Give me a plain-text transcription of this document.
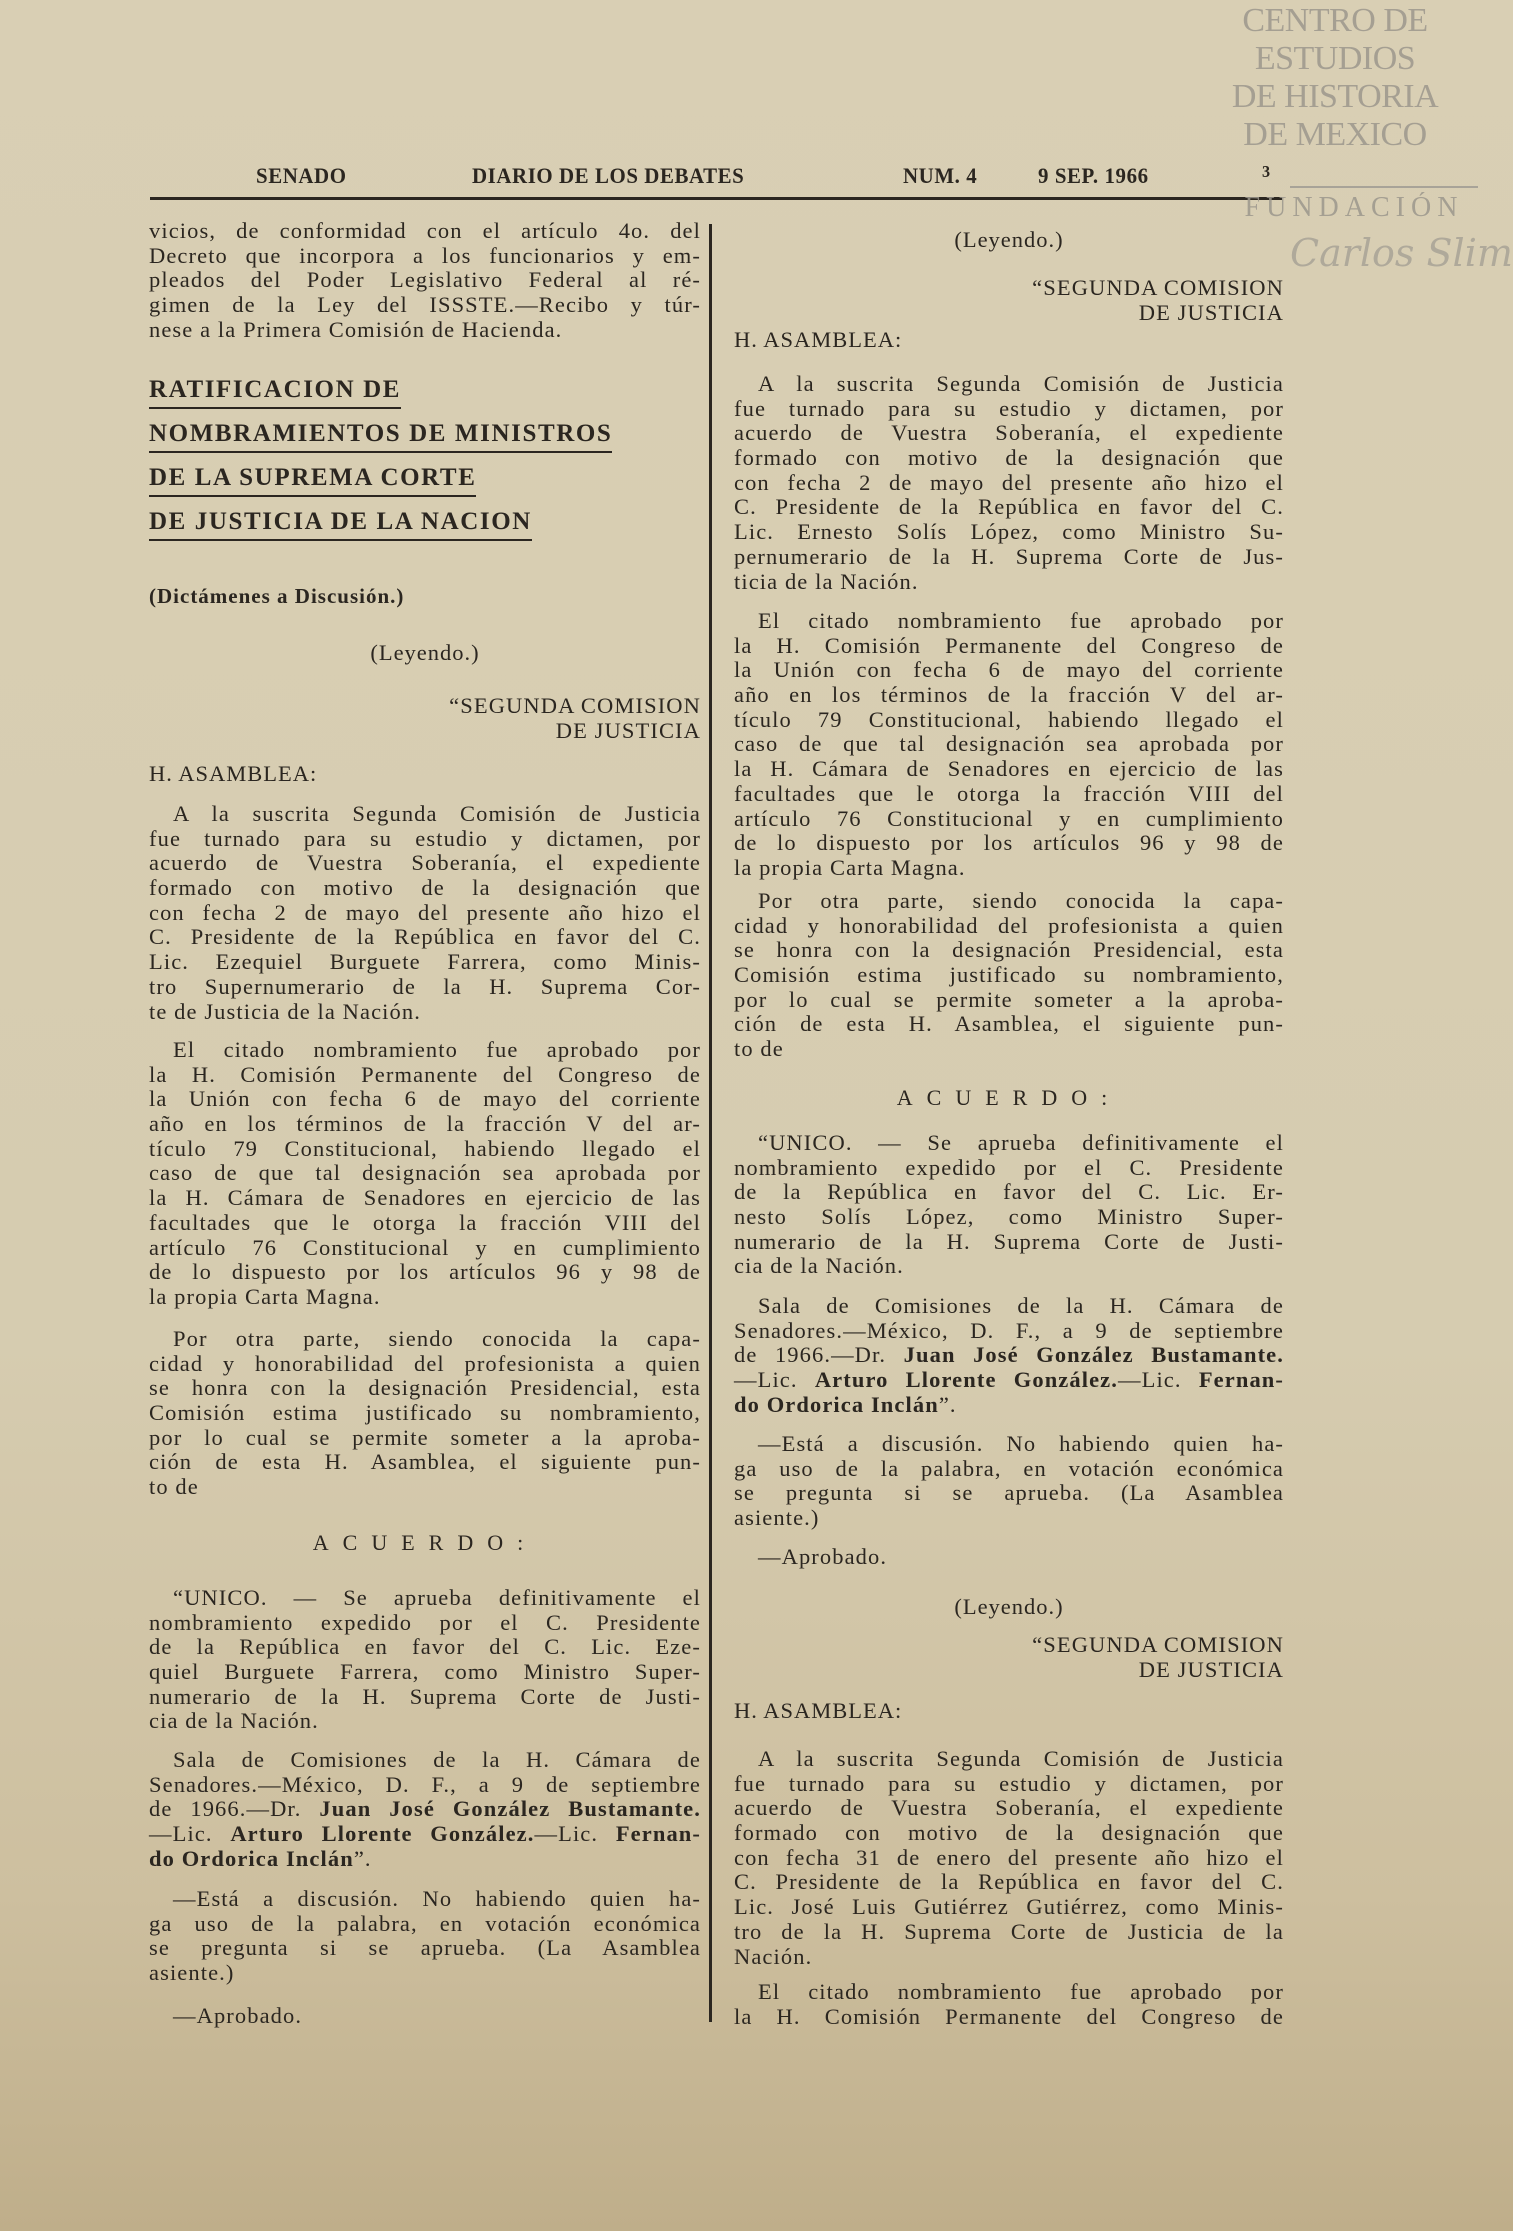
SENADO	DIARIO DE LOS DEBATES	NUM. 4	9 SEP. 1966	3
CENTRO DE
ESTUDIOS
DE HISTORIA
DE MEXICO
FUNDACIÓN
Carlos Slim
vicios, de conformidad con el artículo 4o. del
Decreto que incorpora a los funcionarios y em-
pleados del Poder Legislativo Federal al ré-
gimen de la Ley del ISSSTE.—Recibo y túr-
nese a la Primera Comisión de Hacienda.
RATIFICACION DE
NOMBRAMIENTOS DE MINISTROS
DE LA SUPREMA CORTE
DE JUSTICIA DE LA NACION
(Dictámenes a Discusión.)
(Leyendo.)
“SEGUNDA COMISION
DE JUSTICIA
H. ASAMBLEA:
A la suscrita Segunda Comisión de Justicia
fue turnado para su estudio y dictamen, por
acuerdo de Vuestra Soberanía, el expediente
formado con motivo de la designación que
con fecha 2 de mayo del presente año hizo el
C. Presidente de la República en favor del C.
Lic. Ezequiel Burguete Farrera, como Minis-
tro Supernumerario de la H. Suprema Cor-
te de Justicia de la Nación.
El citado nombramiento fue aprobado por
la H. Comisión Permanente del Congreso de
la Unión con fecha 6 de mayo del corriente
año en los términos de la fracción V del ar-
tículo 79 Constitucional, habiendo llegado el
caso de que tal designación sea aprobada por
la H. Cámara de Senadores en ejercicio de las
facultades que le otorga la fracción VIII del
artículo 76 Constitucional y en cumplimiento
de lo dispuesto por los artículos 96 y 98 de
la propia Carta Magna.
Por otra parte, siendo conocida la capa-
cidad y honorabilidad del profesionista a quien
se honra con la designación Presidencial, esta
Comisión estima justificado su nombramiento,
por lo cual se permite someter a la aproba-
ción de esta H. Asamblea, el siguiente pun-
to de
ACUERDO:
“UNICO. — Se aprueba definitivamente el
nombramiento expedido por el C. Presidente
de la República en favor del C. Lic. Eze-
quiel Burguete Farrera, como Ministro Super-
numerario de la H. Suprema Corte de Justi-
cia de la Nación.
Sala de Comisiones de la H. Cámara de
Senadores.—México, D. F., a 9 de septiembre
de 1966.—Dr. Juan José González Bustamante.
—Lic. Arturo Llorente González.—Lic. Fernan-
do Ordorica Inclán”.
—Está a discusión. No habiendo quien ha-
ga uso de la palabra, en votación económica
se pregunta si se aprueba. (La Asamblea
asiente.)
—Aprobado.
(Leyendo.)
“SEGUNDA COMISION
DE JUSTICIA
H. ASAMBLEA:
A la suscrita Segunda Comisión de Justicia
fue turnado para su estudio y dictamen, por
acuerdo de Vuestra Soberanía, el expediente
formado con motivo de la designación que
con fecha 2 de mayo del presente año hizo el
C. Presidente de la República en favor del C.
Lic. Ernesto Solís López, como Ministro Su-
pernumerario de la H. Suprema Corte de Jus-
ticia de la Nación.
El citado nombramiento fue aprobado por
la H. Comisión Permanente del Congreso de
la Unión con fecha 6 de mayo del corriente
año en los términos de la fracción V del ar-
tículo 79 Constitucional, habiendo llegado el
caso de que tal designación sea aprobada por
la H. Cámara de Senadores en ejercicio de las
facultades que le otorga la fracción VIII del
artículo 76 Constitucional y en cumplimiento
de lo dispuesto por los artículos 96 y 98 de
la propia Carta Magna.
Por otra parte, siendo conocida la capa-
cidad y honorabilidad del profesionista a quien
se honra con la designación Presidencial, esta
Comisión estima justificado su nombramiento,
por lo cual se permite someter a la aproba-
ción de esta H. Asamblea, el siguiente pun-
to de
ACUERDO:
“UNICO. — Se aprueba definitivamente el
nombramiento expedido por el C. Presidente
de la República en favor del C. Lic. Er-
nesto Solís López, como Ministro Super-
numerario de la H. Suprema Corte de Justi-
cia de la Nación.
Sala de Comisiones de la H. Cámara de
Senadores.—México, D. F., a 9 de septiembre
de 1966.—Dr. Juan José González Bustamante.
—Lic. Arturo Llorente González.—Lic. Fernan-
do Ordorica Inclán”.
—Está a discusión. No habiendo quien ha-
ga uso de la palabra, en votación económica
se pregunta si se aprueba. (La Asamblea
asiente.)
—Aprobado.
(Leyendo.)
“SEGUNDA COMISION
DE JUSTICIA
H. ASAMBLEA:
A la suscrita Segunda Comisión de Justicia
fue turnado para su estudio y dictamen, por
acuerdo de Vuestra Soberanía, el expediente
formado con motivo de la designación que
con fecha 31 de enero del presente año hizo el
C. Presidente de la República en favor del C.
Lic. José Luis Gutiérrez Gutiérrez, como Minis-
tro de la H. Suprema Corte de Justicia de la
Nación.
El citado nombramiento fue aprobado por
la H. Comisión Permanente del Congreso de
